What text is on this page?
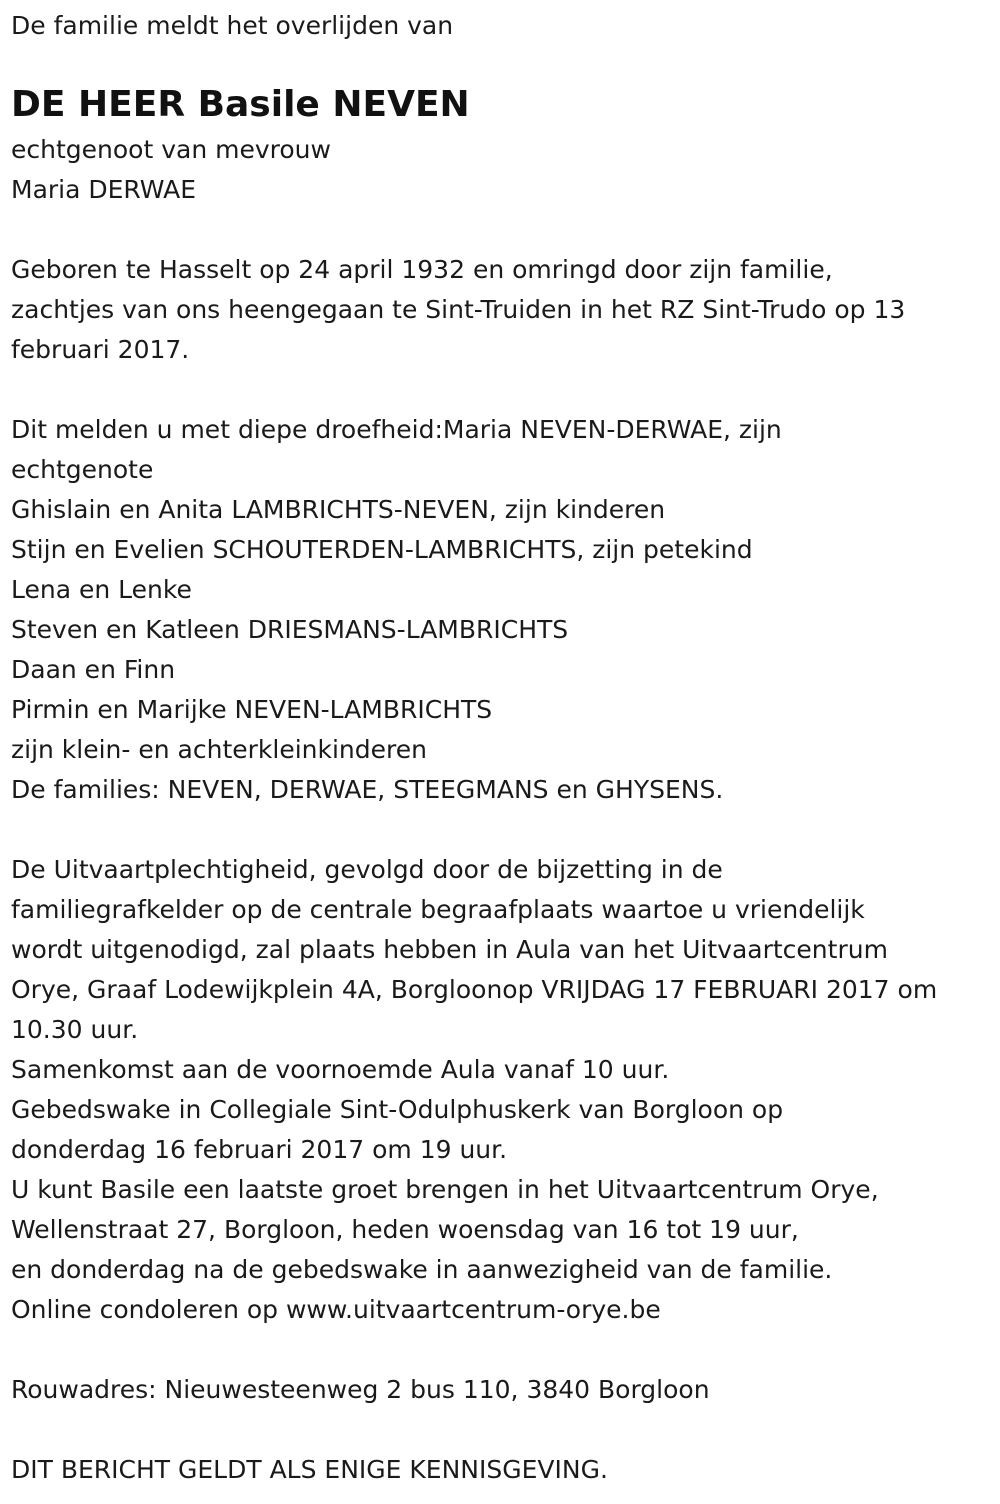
De familie meldt het overlijden van
DE HEER Basile NEVEN
echtgenoot van mevrouw
Maria DERWAE
Geboren te Hasselt op 24 april 1932 en omringd door zijn familie,
zachtjes van ons heengegaan te Sint-Truiden in het RZ Sint-Trudo op 13
februari 2017.
Dit melden u met diepe droefheid:Maria NEVEN-DERWAE, zijn
echtgenote
Ghislain en Anita LAMBRICHTS-NEVEN, zijn kinderen
Stijn en Evelien SCHOUTERDEN-LAMBRICHTS, zijn petekind
Lena en Lenke
Steven en Katleen DRIESMANS-LAMBRICHTS
Daan en Finn
Pirmin en Marijke NEVEN-LAMBRICHTS
zijn klein- en achterkleinkinderen
De families: NEVEN, DERWAE, STEEGMANS en GHYSENS.
De Uitvaartplechtigheid, gevolgd door de bijzetting in de
familiegrafkelder op de centrale begraafplaats waartoe u vriendelijk
wordt uitgenodigd, zal plaats hebben in Aula van het Uitvaartcentrum
Orye, Graaf Lodewijkplein 4A, Borgloonop VRIJDAG 17 FEBRUARI 2017 om
10.30 uur.
Samenkomst aan de voornoemde Aula vanaf 10 uur.
Gebedswake in Collegiale Sint-Odulphuskerk van Borgloon op
donderdag 16 februari 2017 om 19 uur.
U kunt Basile een laatste groet brengen in het Uitvaartcentrum Orye,
Wellenstraat 27, Borgloon, heden woensdag van 16 tot 19 uur,
en donderdag na de gebedswake in aanwezigheid van de familie.
Online condoleren op www.uitvaartcentrum-orye.be
Rouwadres: Nieuwesteenweg 2 bus 110, 3840 Borgloon
DIT BERICHT GELDT ALS ENIGE KENNISGEVING.
